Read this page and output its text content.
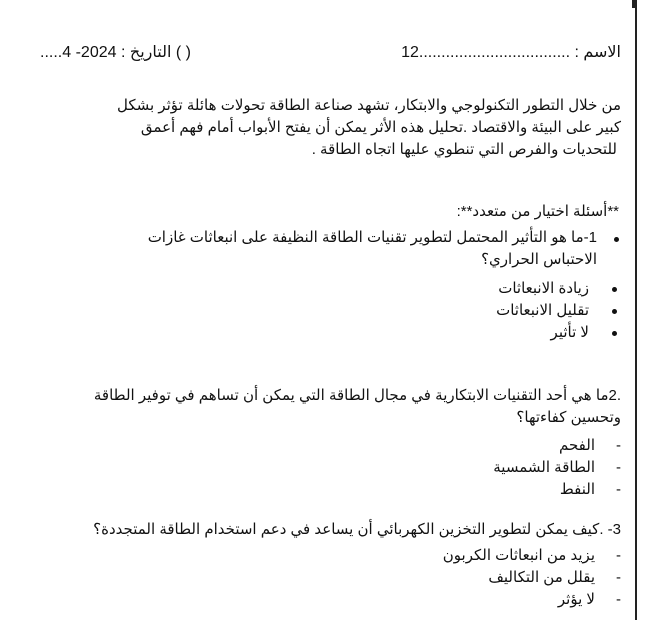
الاسم : ..................................12
( ) التاريخ : 2024- 4.....
من خلال التطور التكنولوجي والابتكار، تشهد صناعة الطاقة تحولات هائلة تؤثر بشكل
كبير على البيئة والاقتصاد .تحليل هذه الأثر يمكن أن يفتح الأبواب أمام فهم أعمق
للتحديات والفرص التي تنطوي عليها اتجاه الطاقة .
**أسئلة اختيار من متعدد**:
1-ما هو التأثير المحتمل لتطوير تقنيات الطاقة النظيفة على انبعاثات غازات
الاحتباس الحراري؟
زيادة الانبعاثات
تقليل الانبعاثات
لا تأثير
.2ما هي أحد التقنيات الابتكارية في مجال الطاقة التي يمكن أن تساهم في توفير الطاقة
وتحسين كفاءتها؟
-
الفحم
-
الطاقة الشمسية
-
النفط
3- .كيف يمكن لتطوير التخزين الكهربائي أن يساعد في دعم استخدام الطاقة المتجددة؟
-
يزيد من انبعاثات الكربون
-
يقلل من التكاليف
-
لا يؤثر
